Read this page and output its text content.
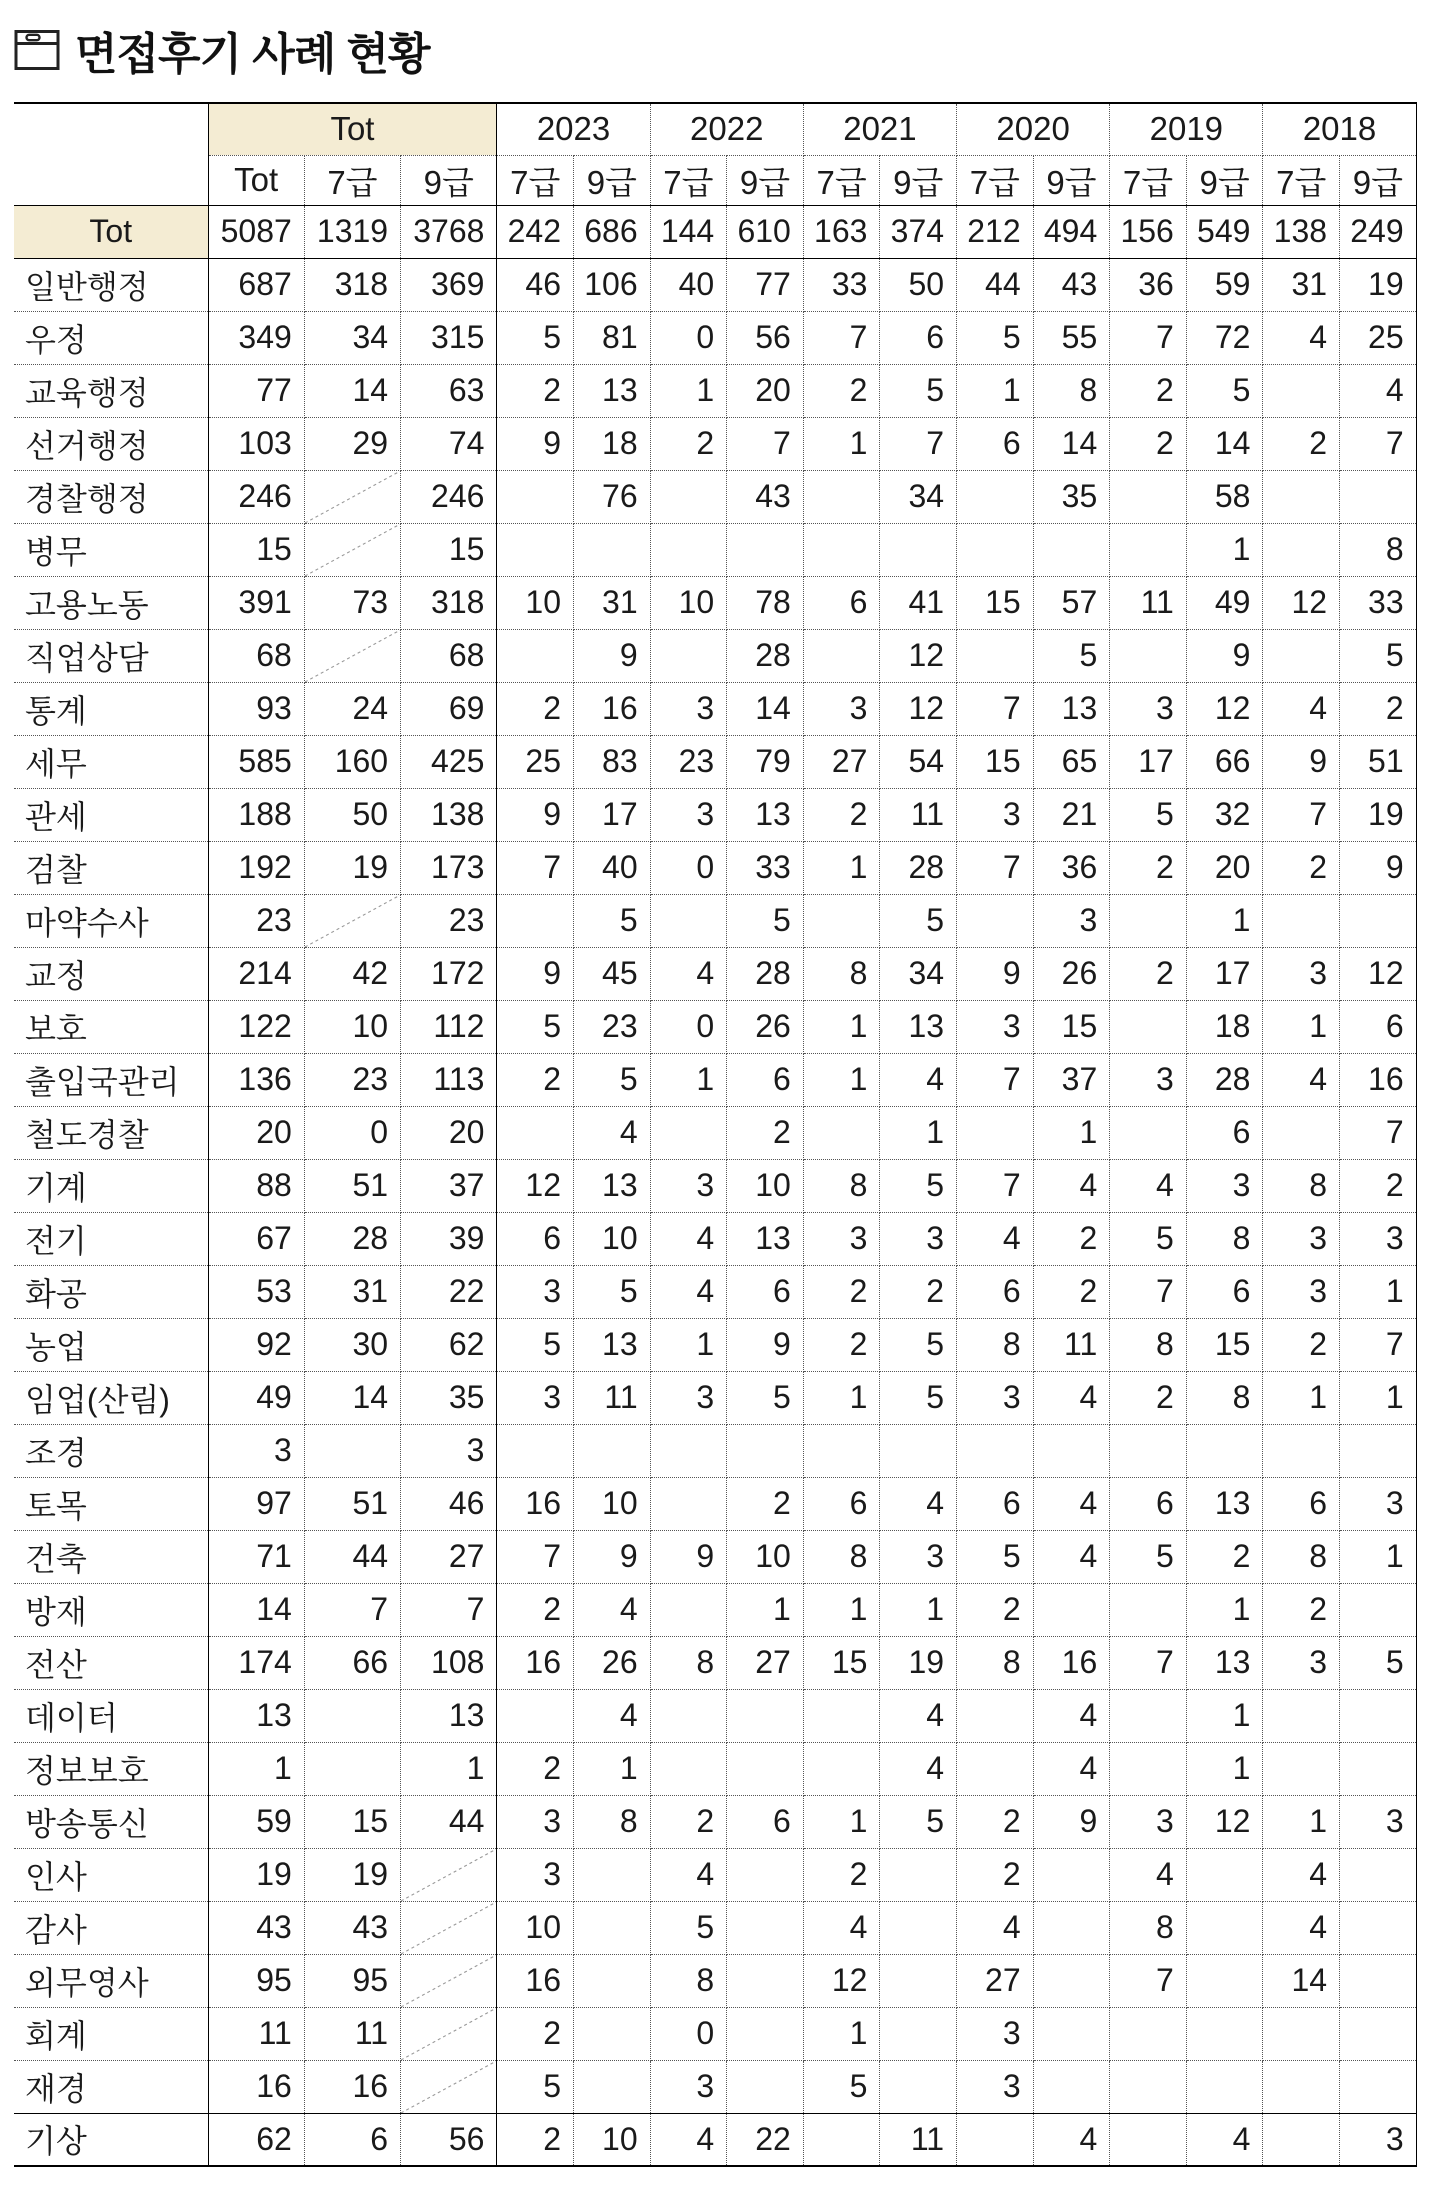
면접후기 사례 현황
	Tot			2023		2022		2021		2020		2019		2018	
	Tot	7급	9급	7급	9급	7급	9급	7급	9급	7급	9급	7급	9급	7급	9급
Tot	5087	1319	3768	242	686	144	610	163	374	212	494	156	549	138	249
일반행정	687	318	369	46	106	40	77	33	50	44	43	36	59	31	19
우정	349	34	315	5	81	0	56	7	6	5	55	7	72	4	25
교육행정	77	14	63	2	13	1	20	2	5	1	8	2	5		4
선거행정	103	29	74	9	18	2	7	1	7	6	14	2	14	2	7
경찰행정	246		246		76		43		34		35		58		
병무	15		15										1		8
고용노동	391	73	318	10	31	10	78	6	41	15	57	11	49	12	33
직업상담	68		68		9		28		12		5		9		5
통계	93	24	69	2	16	3	14	3	12	7	13	3	12	4	2
세무	585	160	425	25	83	23	79	27	54	15	65	17	66	9	51
관세	188	50	138	9	17	3	13	2	11	3	21	5	32	7	19
검찰	192	19	173	7	40	0	33	1	28	7	36	2	20	2	9
마약수사	23		23		5		5		5		3		1		
교정	214	42	172	9	45	4	28	8	34	9	26	2	17	3	12
보호	122	10	112	5	23	0	26	1	13	3	15		18	1	6
출입국관리	136	23	113	2	5	1	6	1	4	7	37	3	28	4	16
철도경찰	20	0	20		4		2		1		1		6		7
기계	88	51	37	12	13	3	10	8	5	7	4	4	3	8	2
전기	67	28	39	6	10	4	13	3	3	4	2	5	8	3	3
화공	53	31	22	3	5	4	6	2	2	6	2	7	6	3	1
농업	92	30	62	5	13	1	9	2	5	8	11	8	15	2	7
임업(산림)	49	14	35	3	11	3	5	1	5	3	4	2	8	1	1
조경	3		3												
토목	97	51	46	16	10		2	6	4	6	4	6	13	6	3
건축	71	44	27	7	9	9	10	8	3	5	4	5	2	8	1
방재	14	7	7	2	4		1	1	1	2			1	2	
전산	174	66	108	16	26	8	27	15	19	8	16	7	13	3	5
데이터	13		13		4				4		4		1		
정보보호	1		1	2	1				4		4		1		
방송통신	59	15	44	3	8	2	6	1	5	2	9	3	12	1	3
인사	19	19		3		4		2		2		4		4	
감사	43	43		10		5		4		4		8		4	
외무영사	95	95		16		8		12		27		7		14	
회계	11	11		2		0		1		3					
재경	16	16		5		3		5		3					
기상	62	6	56	2	10	4	22		11		4		4		3
